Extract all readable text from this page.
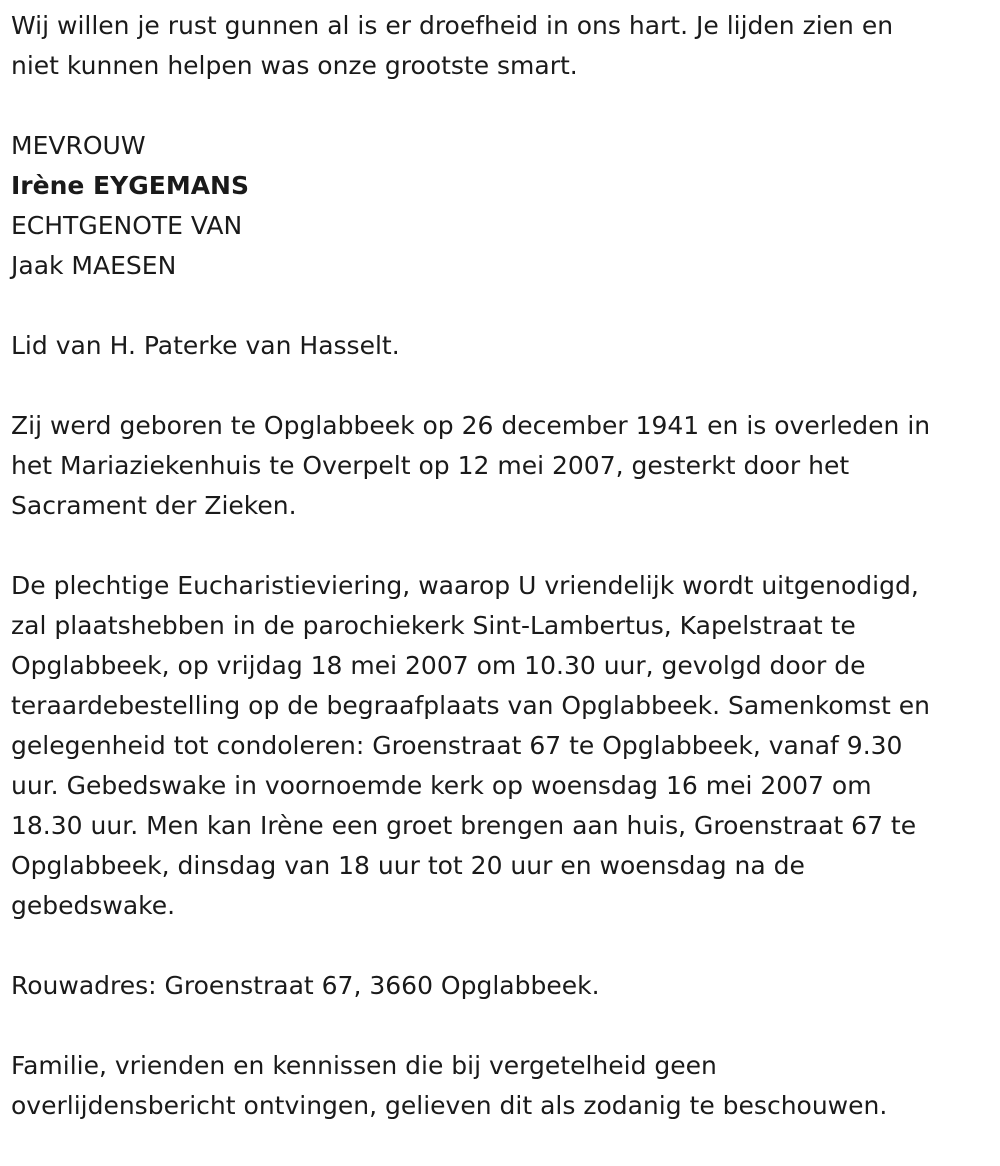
Wij willen je rust gunnen al is er droefheid in ons hart. Je lijden zien en
niet kunnen helpen was onze grootste smart.

MEVROUW
Irène EYGEMANS
ECHTGENOTE VAN
Jaak MAESEN

Lid van H. Paterke van Hasselt.

Zij werd geboren te Opglabbeek op 26 december 1941 en is overleden in
het Mariaziekenhuis te Overpelt op 12 mei 2007, gesterkt door het
Sacrament der Zieken.

De plechtige Eucharistieviering, waarop U vriendelijk wordt uitgenodigd,
zal plaatshebben in de parochiekerk Sint-Lambertus, Kapelstraat te
Opglabbeek, op vrijdag 18 mei 2007 om 10.30 uur, gevolgd door de
teraardebestelling op de begraafplaats van Opglabbeek. Samenkomst en
gelegenheid tot condoleren: Groenstraat 67 te Opglabbeek, vanaf 9.30
uur. Gebedswake in voornoemde kerk op woensdag 16 mei 2007 om
18.30 uur. Men kan Irène een groet brengen aan huis, Groenstraat 67 te
Opglabbeek, dinsdag van 18 uur tot 20 uur en woensdag na de
gebedswake.

Rouwadres: Groenstraat 67, 3660 Opglabbeek.

Familie, vrienden en kennissen die bij vergetelheid geen
overlijdensbericht ontvingen, gelieven dit als zodanig te beschouwen.
